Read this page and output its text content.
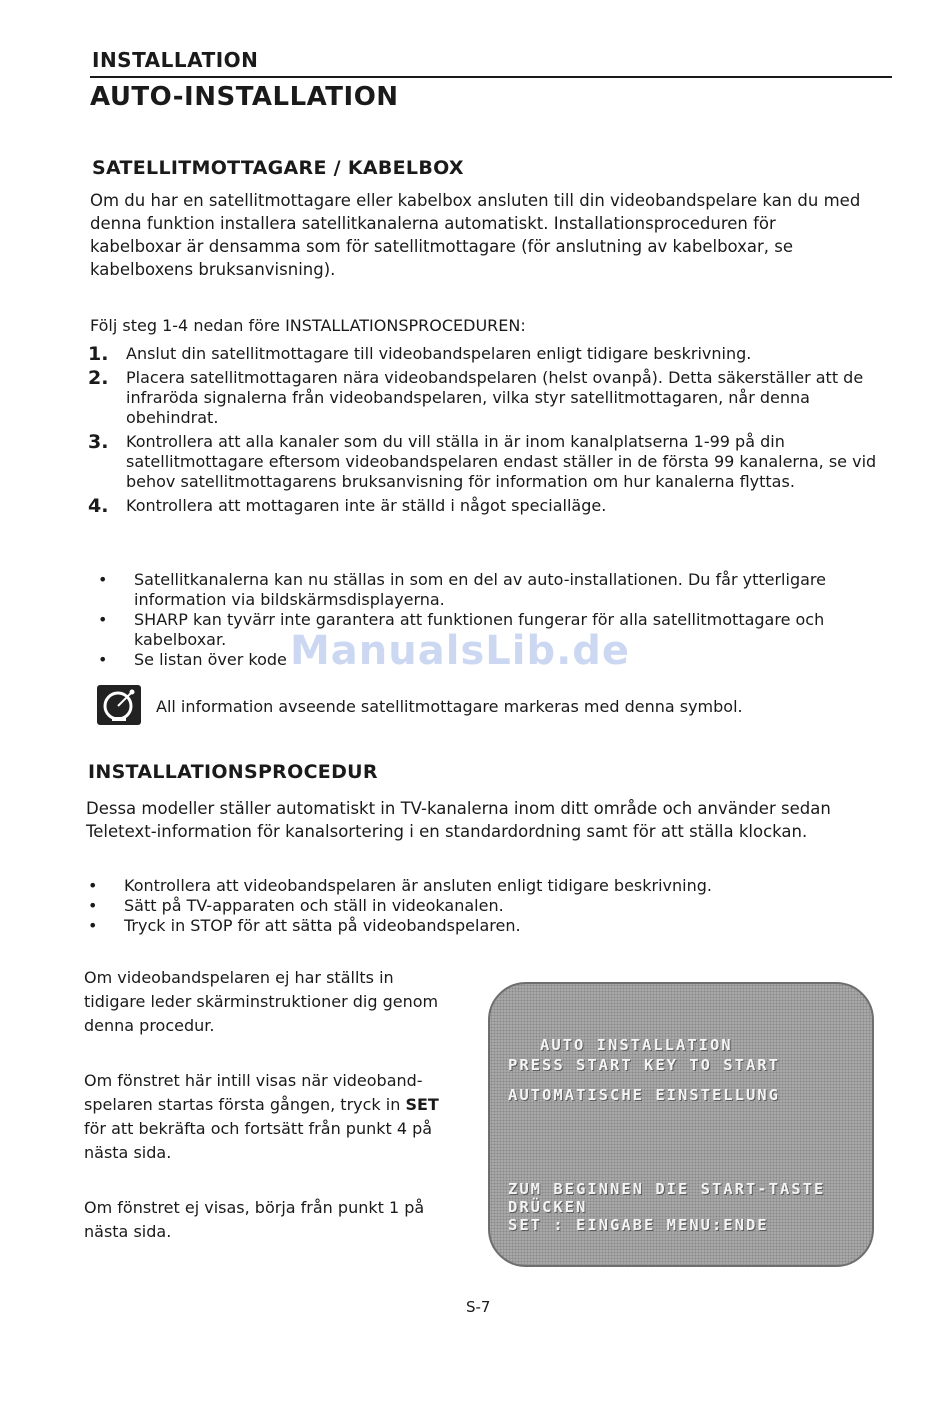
INSTALLATION
AUTO-INSTALLATION
SATELLITMOTTAGARE / KABELBOX
Om du har en satellitmottagare eller kabelbox ansluten till din videobandspelare kan du med
denna funktion installera satellitkanalerna automatiskt. Installationsproceduren för
kabelboxar är densamma som för satellitmottagare (för anslutning av kabelboxar, se
kabelboxens bruksanvisning).
Följ steg 1-4 nedan före INSTALLATIONSPROCEDUREN:
1.	Anslut din satellitmottagare till videobandspelaren enligt tidigare beskrivning.
2.	Placera satellitmottagaren nära videobandspelaren (helst ovanpå). Detta säkerställer att de infraröda signalerna från videobandspelaren, vilka styr satellitmottagaren, når denna obehindrat.
3.	Kontrollera att alla kanaler som du vill ställa in är inom kanalplatserna 1-99 på din satellitmottagare eftersom videobandspelaren endast ställer in de första 99 kanalerna, se vid behov satellitmottagarens bruksanvisning för information om hur kanalerna flyttas.
4.	Kontrollera att mottagaren inte är ställd i något specialläge.
•	Satellitkanalerna kan nu ställas in som en del av auto-installationen. Du får ytterligare information via bildskärmsdisplayerna.
•	SHARP kan tyvärr inte garantera att funktionen fungerar för alla satellitmottagare och kabelboxar.
•	Se listan över kode ManualsLib.de
All information avseende satellitmottagare markeras med denna symbol.
INSTALLATIONSPROCEDUR
Dessa modeller ställer automatiskt in TV-kanalerna inom ditt område och använder sedan
Teletext-information för kanalsortering i en standardordning samt för att ställa klockan.
•	Kontrollera att videobandspelaren är ansluten enligt tidigare beskrivning.
•	Sätt på TV-apparaten och ställ in videokanalen.
•	Tryck in STOP för att sätta på videobandspelaren.
Om videobandspelaren ej har ställts in
tidigare leder skärminstruktioner dig genom
denna procedur.
Om fönstret här intill visas när videoband-
spelaren startas första gången, tryck in SET
för att bekräfta och fortsätt från punkt 4 på
nästa sida.
Om fönstret ej visas, börja från punkt 1 på
nästa sida.
AUTO INSTALLATION
PRESS START KEY TO START
AUTOMATISCHE EINSTELLUNG
ZUM BEGINNEN DIE START-TASTE
DRÜCKEN
SET : EINGABE MENU:ENDE
S-7
